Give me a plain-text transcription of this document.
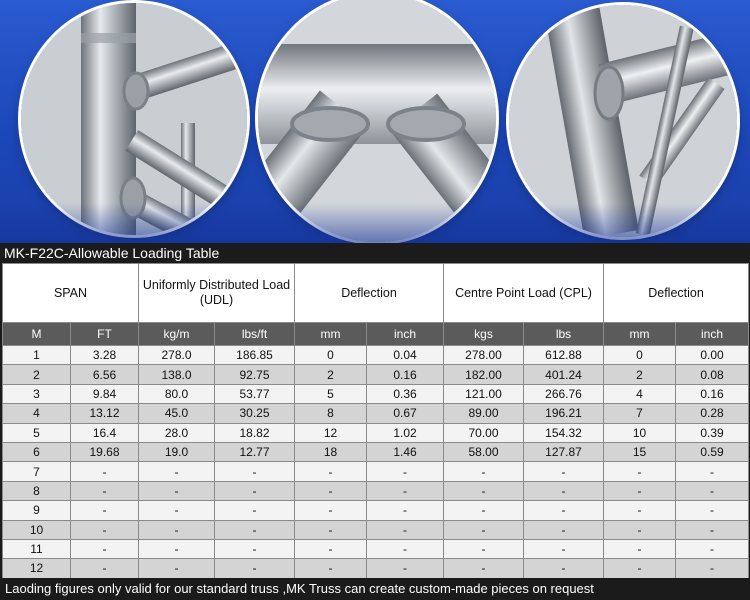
MK-F22C-Allowable Loading Table
SPAN		Uniformly Distributed Load (UDL)		Deflection		Centre Point Load (CPL)		Deflection	
M	FT	kg/m	lbs/ft	mm	inch	kgs	lbs	mm	inch
1	3.28	278.0	186.85	0	0.04	278.00	612.88	0	0.00
2	6.56	138.0	92.75	2	0.16	182.00	401.24	2	0.08
3	9.84	80.0	53.77	5	0.36	121.00	266.76	4	0.16
4	13.12	45.0	30.25	8	0.67	89.00	196.21	7	0.28
5	16.4	28.0	18.82	12	1.02	70.00	154.32	10	0.39
6	19.68	19.0	12.77	18	1.46	58.00	127.87	15	0.59
7	-	-	-	-	-	-	-	-	-
8	-	-	-	-	-	-	-	-	-
9	-	-	-	-	-	-	-	-	-
10	-	-	-	-	-	-	-	-	-
11	-	-	-	-	-	-	-	-	-
12	-	-	-	-	-	-	-	-	-
Laoding figures only valid for our standard truss ,MK Truss can create custom-made pieces on request
